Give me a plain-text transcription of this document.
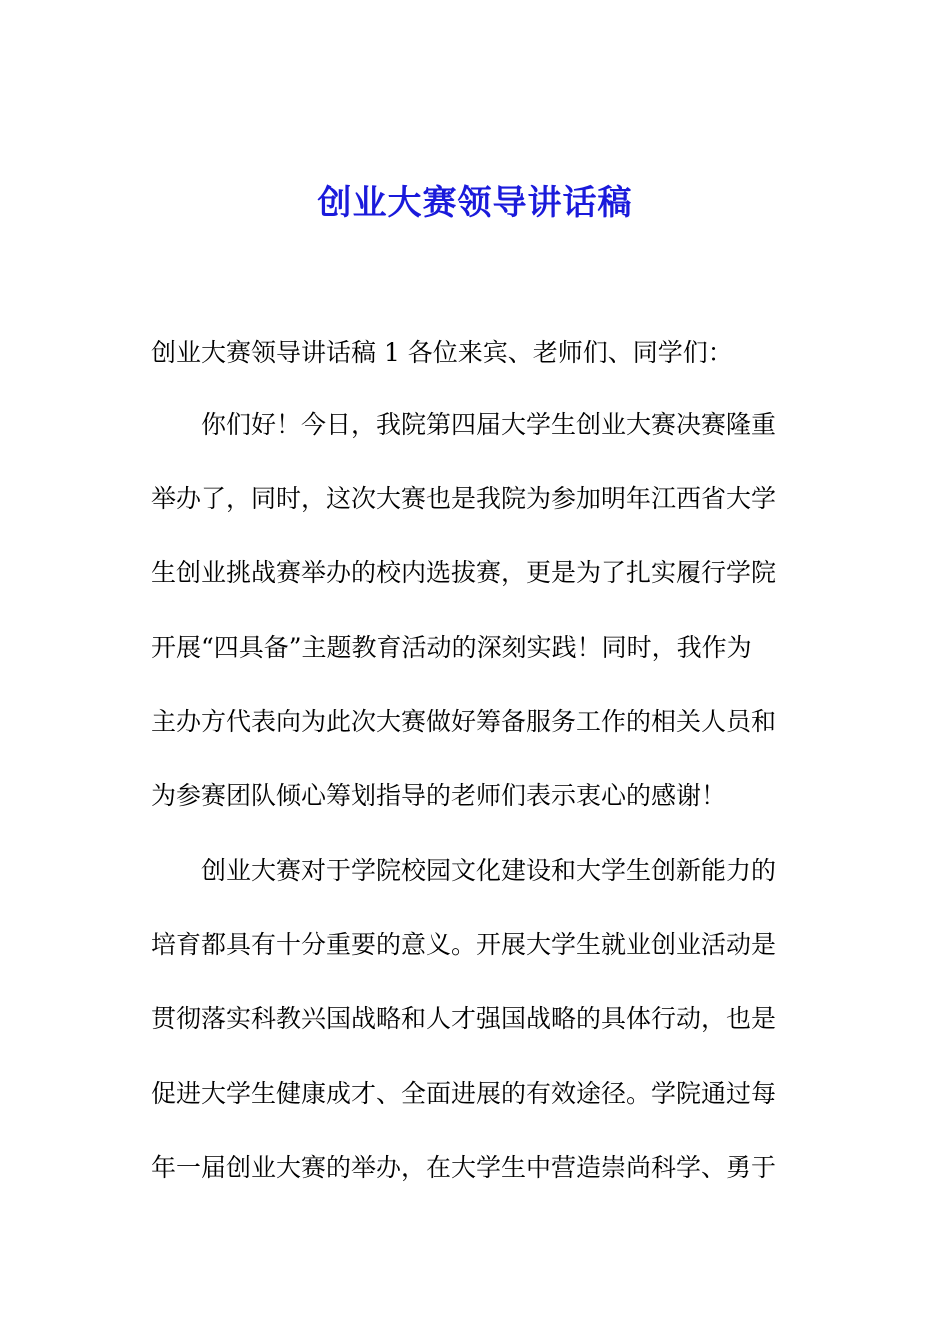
创业大赛领导讲话稿

创业大赛领导讲话稿 1 各位来宾、老师们、同学们：

你们好！今日，我院第四届大学生创业大赛决赛隆重

举办了，同时，这次大赛也是我院为参加明年江西省大学

生创业挑战赛举办的校内选拔赛，更是为了扎实履行学院

开展“四具备”主题教育活动的深刻实践！同时，我作为

主办方代表向为此次大赛做好筹备服务工作的相关人员和

为参赛团队倾心筹划指导的老师们表示衷心的感谢！

创业大赛对于学院校园文化建设和大学生创新能力的

培育都具有十分重要的意义。开展大学生就业创业活动是

贯彻落实科教兴国战略和人才强国战略的具体行动，也是

促进大学生健康成才、全面进展的有效途径。学院通过每

年一届创业大赛的举办，在大学生中营造崇尚科学、勇于
